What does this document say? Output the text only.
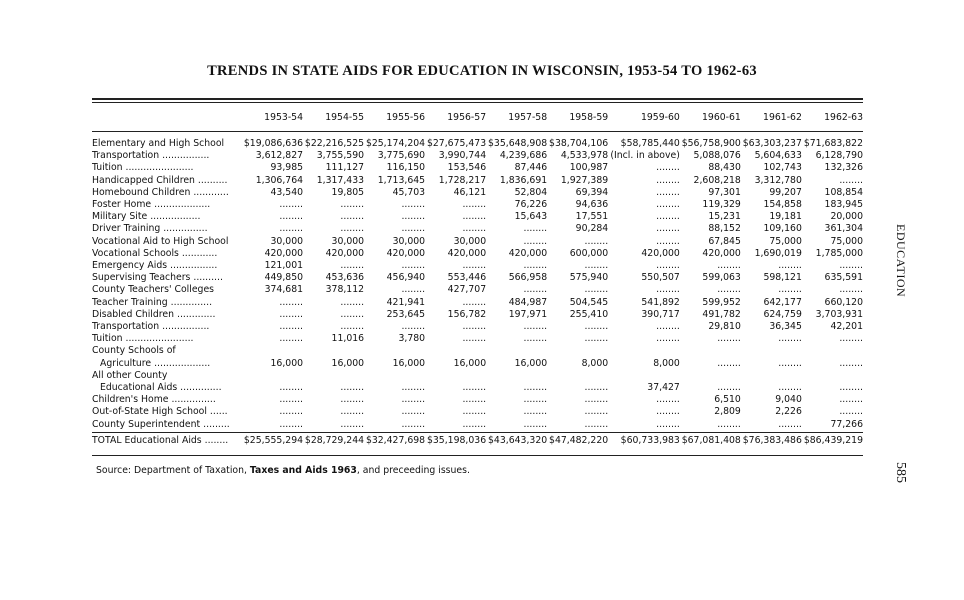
TRENDS IN STATE AIDS FOR EDUCATION IN WISCONSIN, 1953-54 TO 1962-63
	1953-54	1954-55	1955-56	1956-57	1957-58	1958-59	1959-60	1960-61	1961-62	1962-63

Elementary and High School	$19,086,636	$22,216,525	$25,174,204	$27,675,473	$35,648,908	$38,704,106	$58,785,440	$56,758,900	$63,303,237	$71,683,822
Transportation ................	3,612,827	3,755,590	3,775,690	3,990,744	4,239,686	4,533,978	(Incl. in above)	5,088,076	5,604,633	6,128,790
Tuition .......................	93,985	111,127	116,150	153,546	87,446	100,987	........	88,430	102,743	132,326
Handicapped Children ..........	1,306,764	1,317,433	1,713,645	1,728,217	1,836,691	1,927,389	........	2,608,218	3,312,780	........
Homebound Children ............	43,540	19,805	45,703	46,121	52,804	69,394	........	97,301	99,207	108,854
Foster Home ...................	........	........	........	........	76,226	94,636	........	119,329	154,858	183,945
Military Site .................	........	........	........	........	15,643	17,551	........	15,231	19,181	20,000
Driver Training ...............	........	........	........	........	........	90,284	........	88,152	109,160	361,304
Vocational Aid to High School	30,000	30,000	30,000	30,000	........	........	........	67,845	75,000	75,000
Vocational Schools ............	420,000	420,000	420,000	420,000	420,000	600,000	420,000	420,000	1,690,019	1,785,000
Emergency Aids ................	121,001	........	........	........	........	........	........	........	........	........
Supervising Teachers ..........	449,850	453,636	456,940	553,446	566,958	575,940	550,507	599,063	598,121	635,591
County Teachers' Colleges	374,681	378,112	........	427,707	........	........	........	........	........	........
Teacher Training ..............	........	........	421,941	........	484,987	504,545	541,892	599,952	642,177	660,120
Disabled Children .............	........	........	253,645	156,782	197,971	255,410	390,717	491,782	624,759	3,703,931
Transportation ................	........	........	........	........	........	........	........	29,810	36,345	42,201
Tuition .......................	........	11,016	3,780	........	........	........	........	........	........	........
County Schools of
Agriculture ...................	16,000	16,000	16,000	16,000	16,000	8,000	8,000	........	........	........
All other County
Educational Aids ..............	........	........	........	........	........	........	37,427	........	........	........
Children's Home ...............	........	........	........	........	........	........	........	6,510	9,040	........
Out-of-State High School ......	........	........	........	........	........	........	........	2,809	2,226	........
County Superintendent .........	........	........	........	........	........	........	........	........	........	77,266
TOTAL Educational Aids ........	$25,555,294	$28,729,244	$32,427,698	$35,198,036	$43,643,320	$47,482,220	$60,733,983	$67,081,408	$76,383,486	$86,439,219
Source: Department of Taxation, Taxes and Aids 1963, and preceeding issues.
EDUCATION
585
